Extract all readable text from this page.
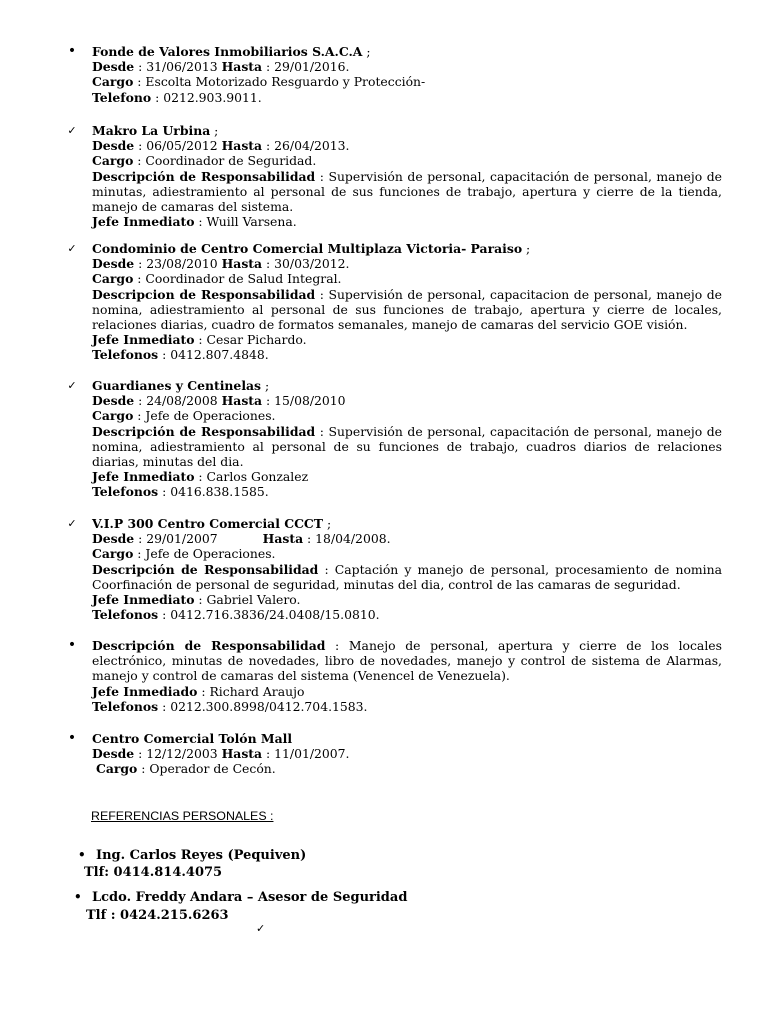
•
Fonde de Valores Inmobiliarios S.A.C.A ;
Desde : 31/06/2013 Hasta : 29/01/2016.
Cargo : Escolta Motorizado Resguardo y Protección-
Telefono : 0212.903.9011.
✓
Makro La Urbina ;
Desde : 06/05/2012 Hasta : 26/04/2013.
Cargo : Coordinador de Seguridad.
Descripción de Responsabilidad : Supervisión de personal, capacitación de personal, manejo de minutas, adiestramiento al personal de sus funciones de trabajo, apertura y cierre de la tienda, manejo de camaras del sistema.
Jefe Inmediato : Wuill Varsena.
✓
Condominio de Centro Comercial Multiplaza Victoria- Paraiso ;
Desde : 23/08/2010 Hasta : 30/03/2012.
Cargo : Coordinador de Salud Integral.
Descripcion de Responsabilidad : Supervisión de personal, capacitacion de personal, manejo de nomina, adiestramiento al personal de sus funciones de trabajo, apertura y cierre de locales, relaciones diarias, cuadro de formatos semanales, manejo de camaras del servicio GOE visión.
Jefe Inmediato : Cesar Pichardo.
Telefonos : 0412.807.4848.
✓
Guardianes y Centinelas ;
Desde : 24/08/2008 Hasta : 15/08/2010
Cargo : Jefe de Operaciones.
Descripción de Responsabilidad : Supervisión de personal, capacitación de personal, manejo de nomina, adiestramiento al personal de su funciones de trabajo, cuadros diarios de relaciones diarias, minutas del dia.
Jefe Inmediato : Carlos Gonzalez
Telefonos : 0416.838.1585.
✓
V.I.P 300 Centro Comercial CCCT ;
Desde : 29/01/2007	Hasta : 18/04/2008.
Cargo : Jefe de Operaciones.
Descripción de Responsabilidad : Captación y manejo de personal, procesamiento de nomina Coorfinación de personal de seguridad, minutas del dia, control de las camaras de seguridad.
Jefe Inmediato : Gabriel Valero.
Telefonos : 0412.716.3836/24.0408/15.0810.
•
Descripción de Responsabilidad : Manejo de personal, apertura y cierre de los locales electrónico, minutas de novedades, libro de novedades, manejo y control de sistema de Alarmas, manejo y control de camaras del sistema (Venencel de Venezuela).
Jefe Inmediado : Richard Araujo
Telefonos : 0212.300.8998/0412.704.1583.
•
Centro Comercial Tolón Mall
Desde : 12/12/2003 Hasta : 11/01/2007.
Cargo : Operador de Cecón.
REFERENCIAS PERSONALES :
• Ing. Carlos Reyes (Pequiven)
Tlf: 0414.814.4075
• Lcdo. Freddy Andara – Asesor de Seguridad
Tlf : 0424.215.6263
✓
